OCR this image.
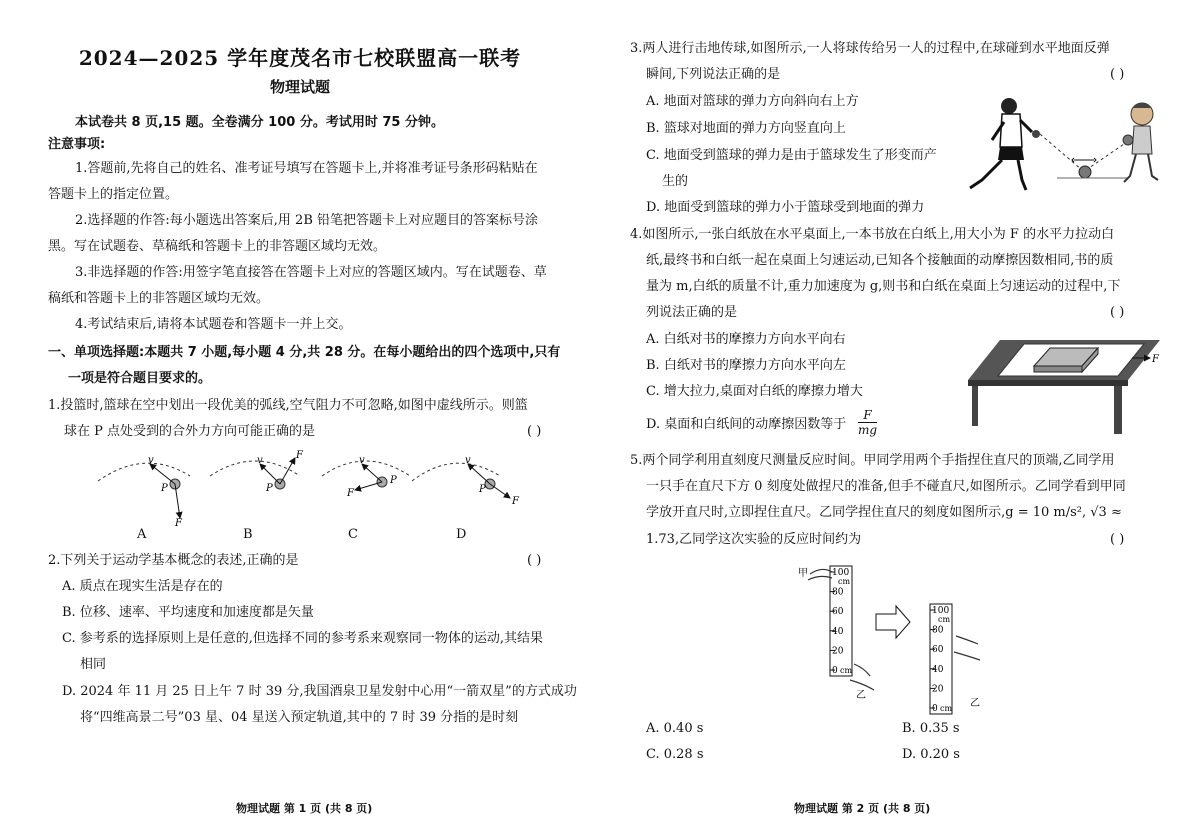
2024—2025 学年度茂名市七校联盟高一联考
物理试题
本试卷共 8 页,15 题。全卷满分 100 分。考试用时 75 分钟。
注意事项:
1.答题前,先将自己的姓名、准考证号填写在答题卡上,并将准考证号条形码粘贴在
答题卡上的指定位置。
2.选择题的作答:每小题选出答案后,用 2B 铅笔把答题卡上对应题目的答案标号涂
黑。写在试题卷、草稿纸和答题卡上的非答题区域均无效。
3.非选择题的作答:用签字笔直接答在答题卡上对应的答题区域内。写在试题卷、草
稿纸和答题卡上的非答题区域均无效。
4.考试结束后,请将本试题卷和答题卡一并上交。
一、单项选择题:本题共 7 小题,每小题 4 分,共 28 分。在每小题给出的四个选项中,只有
一项是符合题目要求的。
1.投篮时,篮球在空中划出一段优美的弧线,空气阻力不可忽略,如图中虚线所示。则篮
球在 P 点处受到的合外力方向可能正确的是	( )
v
F
P
v	F
P
v
F
P
v
F
P
A	B	C	D
2.下列关于运动学基本概念的表述,正确的是	( )
A. 质点在现实生活是存在的
B. 位移、速率、平均速度和加速度都是矢量
C. 参考系的选择原则上是任意的,但选择不同的参考系来观察同一物体的运动,其结果
相同
D. 2024 年 11 月 25 日上午 7 时 39 分,我国酒泉卫星发射中心用“一箭双星”的方式成功
将“四维高景二号”03 星、04 星送入预定轨道,其中的 7 时 39 分指的是时刻
物理试题 第 1 页 (共 8 页)
3.两人进行击地传球,如图所示,一人将球传给另一人的过程中,在球碰到水平地面反弹
瞬间,下列说法正确的是	( )
A. 地面对篮球的弹力方向斜向右上方
B. 篮球对地面的弹力方向竖直向上
C. 地面受到篮球的弹力是由于篮球发生了形变而产
生的
D. 地面受到篮球的弹力小于篮球受到地面的弹力
4.如图所示,一张白纸放在水平桌面上,一本书放在白纸上,用大小为 F 的水平力拉动白
纸,最终书和白纸一起在桌面上匀速运动,已知各个接触面的动摩擦因数相同,书的质
量为 m,白纸的质量不计,重力加速度为 g,则书和白纸在桌面上匀速运动的过程中,下
列说法正确的是	( )
A. 白纸对书的摩擦力方向水平向右
B. 白纸对书的摩擦力方向水平向左
C. 增大拉力,桌面对白纸的摩擦力增大
D. 桌面和白纸间的动摩擦因数等于 $\frac{F}{mg}$
F
5.两个同学利用直刻度尺测量反应时间。甲同学用两个手指捏住直尺的顶端,乙同学用
一只手在直尺下方 0 刻度处做捏尺的准备,但手不碰直尺,如图所示。乙同学看到甲同
学放开直尺时,立即捏住直尺。乙同学捏住直尺的刻度如图所示,g = 10 m/s², √3 ≈
1.73,乙同学这次实验的反应时间约为	( )
100
cm
80
60
40
20
0 cm
甲
乙
100
cm
80
60
40
20
0 cm 乙
A. 0.40 s	B. 0.35 s
C. 0.28 s	D. 0.20 s
物理试题 第 2 页 (共 8 页)
